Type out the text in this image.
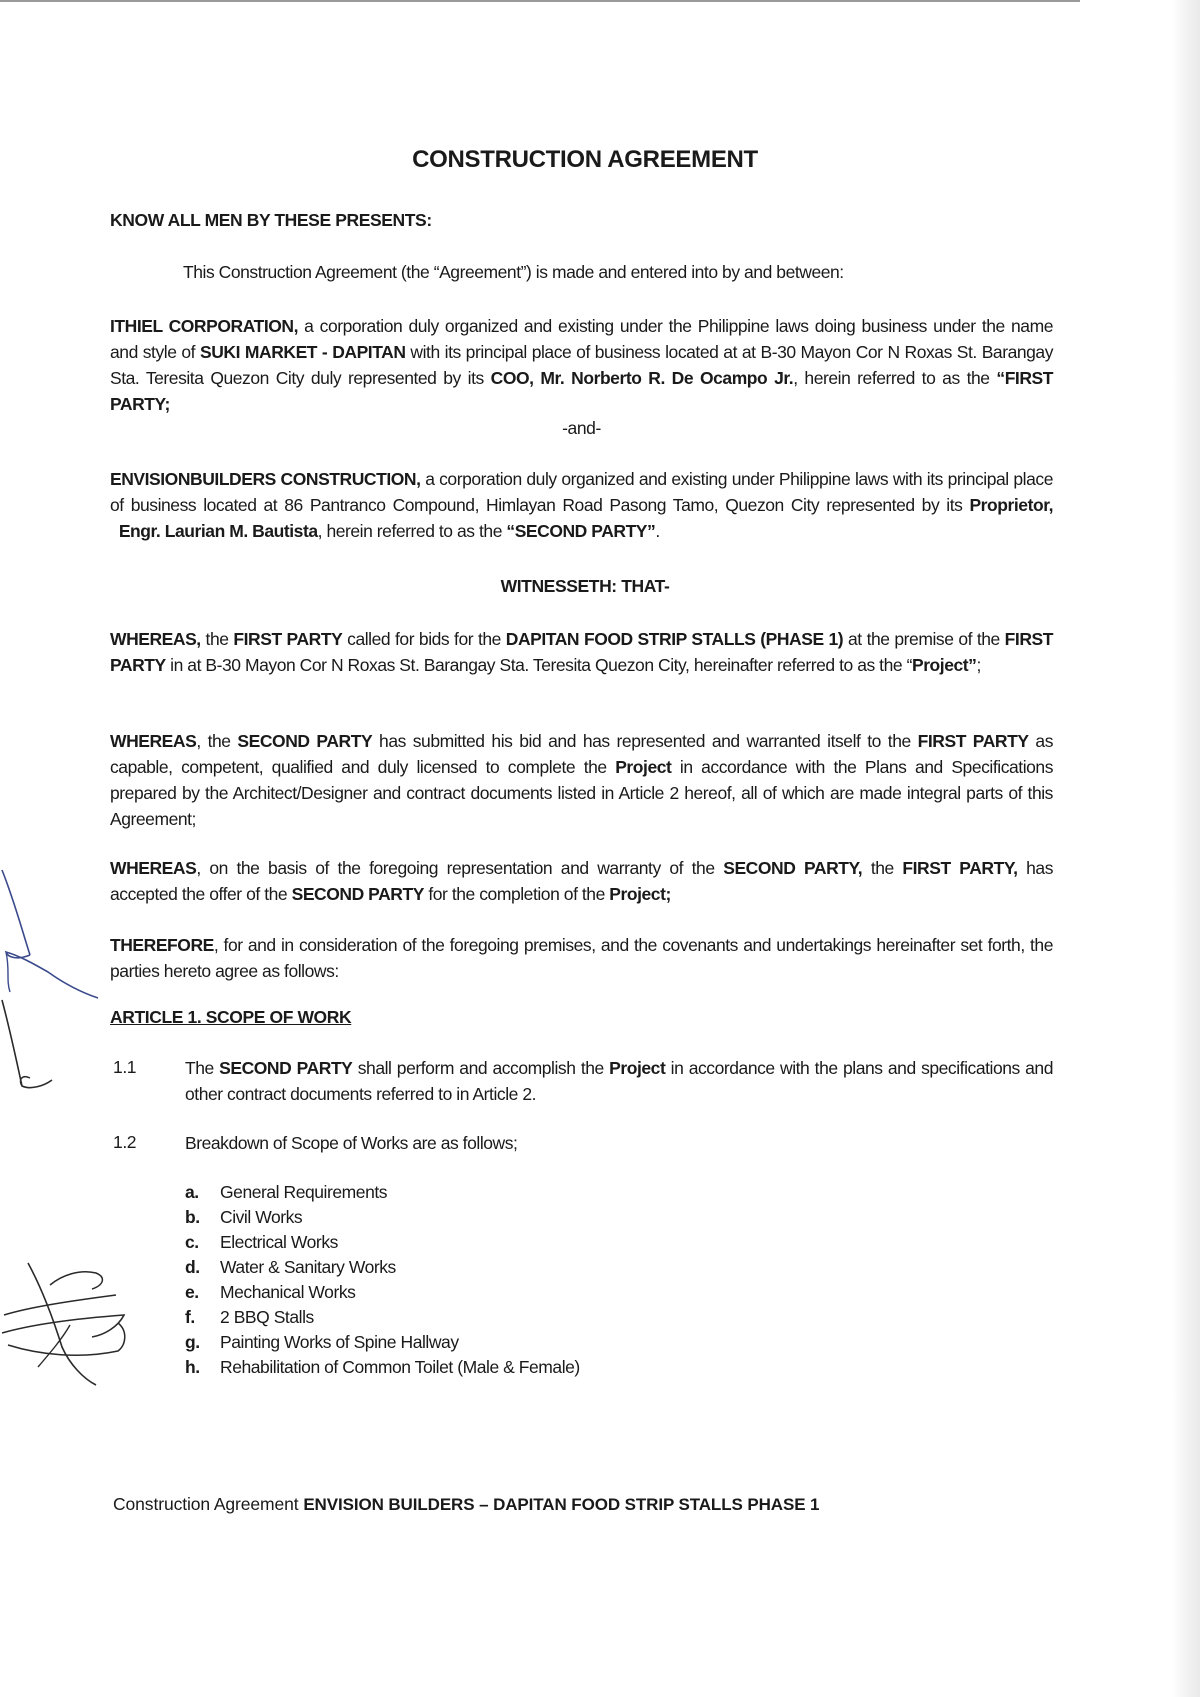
CONSTRUCTION AGREEMENT
KNOW ALL MEN BY THESE PRESENTS:
This Construction Agreement (the “Agreement”) is made and entered into by and between:

ITHIEL CORPORATION, a corporation duly organized and existing under the Philippine laws doing business under the name and style of SUKI MARKET - DAPITAN with its principal place of business located at at B-30 Mayon Cor N Roxas St. Barangay Sta. Teresita Quezon City duly represented by its COO, Mr. Norberto R. De Ocampo Jr., herein referred to as the “FIRST PARTY;

-and-

ENVISIONBUILDERS CONSTRUCTION, a corporation duly organized and existing under Philippine laws with its principal place of business located at 86 Pantranco Compound, Himlayan Road Pasong Tamo, Quezon City represented by its Proprietor,  Engr. Laurian M. Bautista, herein referred to as the “SECOND PARTY”.

WITNESSETH: THAT-

WHEREAS, the FIRST PARTY called for bids for the DAPITAN FOOD STRIP STALLS (PHASE 1) at the premise of the FIRST PARTY in at B-30 Mayon Cor N Roxas St. Barangay Sta. Teresita Quezon City, hereinafter referred to as the “Project”;

WHEREAS, the SECOND PARTY has submitted his bid and has represented and warranted itself to the FIRST PARTY as capable, competent, qualified and duly licensed to complete the Project in accordance with the Plans and Specifications prepared by the Architect/Designer and contract documents listed in Article 2 hereof, all of which are made integral parts of this Agreement;

WHEREAS, on the basis of the foregoing representation and warranty of the SECOND PARTY, the FIRST PARTY, has accepted the offer of the SECOND PARTY for the completion of the Project;

THEREFORE, for and in consideration of the foregoing premises, and the covenants and undertakings hereinafter set forth, the parties hereto agree as follows:

ARTICLE 1. SCOPE OF WORK
1.1	The SECOND PARTY shall perform and accomplish the Project in accordance with the plans and specifications and other contract documents referred to in Article 2.
1.2	Breakdown of Scope of Works are as follows;
a. General Requirements
b. Civil Works
c. Electrical Works
d. Water & Sanitary Works
e. Mechanical Works
f. 2 BBQ Stalls
g. Painting Works of Spine Hallway
h. Rehabilitation of Common Toilet (Male & Female)
Construction Agreement ENVISION BUILDERS – DAPITAN FOOD STRIP STALLS PHASE 1
